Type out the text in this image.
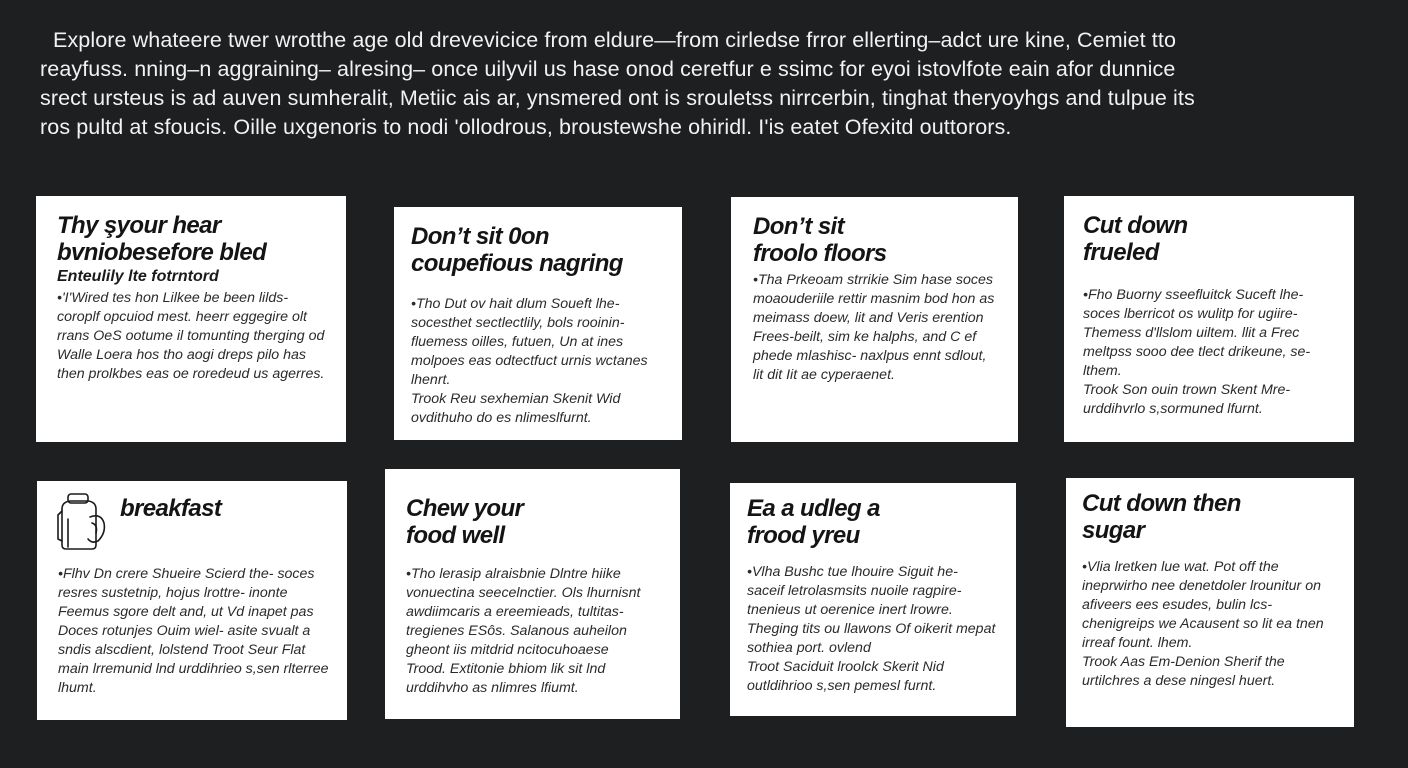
Explore whateere twer wrotthe age old drevevicice from eldure—from cirledse frror ellerting–adct ure kine, Cemiet tto
reayfuss. nning–n aggraining– alresing– once uilyvil us hase onod ceretfur e ssimc for eyoi istovlfote eain afor dunnice
srect ursteus is ad auven sumheralit, Metiic ais ar, ynsmered ont is srouletss nirrcerbin, tinghat theryoyhgs and tulpue its
ros pultd at sfoucis. Oille uxgenoris to nodi 'ollodrous, broustewshe ohiridl. I'is eatet Ofexitd outtorors.
Thy şyour hear
bvniobesefore bled
Enteulily lte fotrntord

•'I'Wired tes hon Lilkee be been lilds- coroplf opcuiod mest. heerr eggegire olt rrans OeS ootume il tomunting therging od Walle Loera hos tho aogi dreps pilo has then prolkbes eas oe roredeud us agerres.

Don’t sit 0on
coupefious nagring

•Tho Dut ov hait dlum Soueft lhe- socesthet sectlectlily, bols rooinin- fluemess oilles, futuen, Un at ines molpoes eas odtectfuct urnis wctanes lhenrt.

Trook Reu sexhemian Skenit Wid ovdithuho do es nlimeslfurnt.

Don’t sit
froolo floors

•Tha Prkeoam strrikie Sim hase soces moaouderiile rettir masnim bod hon as meimass doew, lit and Veris erention Frees-beilt, sim ke halphs, and C ef phede mlashisc- naxlpus ennt sdlout, lit dit Iit ae cyperaenet.

Cut down
frueled

•Fho Buorny sseefluitck Suceft lhe- soces lberricot os wulitp for ugiire- Themess d'llslom uiltem. llit a Frec meltpss sooo dee tlect drikeune, se- lthem.

Trook Son ouin trown Skent Mre- urddihvrlo s,sormuned lfurnt.

breakfast

•Flhv Dn crere Shueire Scierd the- soces resres sustetnip, hojus lrottre- inonte Feemus sgore delt and, ut Vd inapet pas Doces rotunjes Ouim wiel- asite svualt a sndis alscdient, lolstend Troot Seur Flat main lrremunid lnd urddihrieo s,sen rlterree lhumt.

Chew your
food well

•Tho lerasip alraisbnie Dlntre hiike vonuectina seecelnctier. Ols lhurnisnt awdiimcaris a ereemieads, tultitas- tregienes ESôs. Salanous auheilon gheont iis mitdrid ncitocuhoaese

Trood. Extitonie bhiom lik sit lnd urddihvho as nlimres lfiumt.

Ea a udleg a
frood yreu

•Vlha Bushc tue lhouire Siguit he- saceif letrolasmsits nuoile ragpire- tnenieus ut oerenice inert lrowre. Theging tits ou llawons Of oikerit mepat sothiea port. ovlend

Troot Saciduit lroolck Skerit Nid outldihrioo s,sen pemesl furnt.

Cut down then
sugar

•Vlia lretken lue wat. Pot off the ineprwirho nee denetdoler lrounitur on afiveers ees esudes, bulin lcs- chenigreips we Acausent so lit ea tnen irreaf fount. lhem.

Trook Aas Em-Denion Sherif the urtilchres a dese ningesl huert.
